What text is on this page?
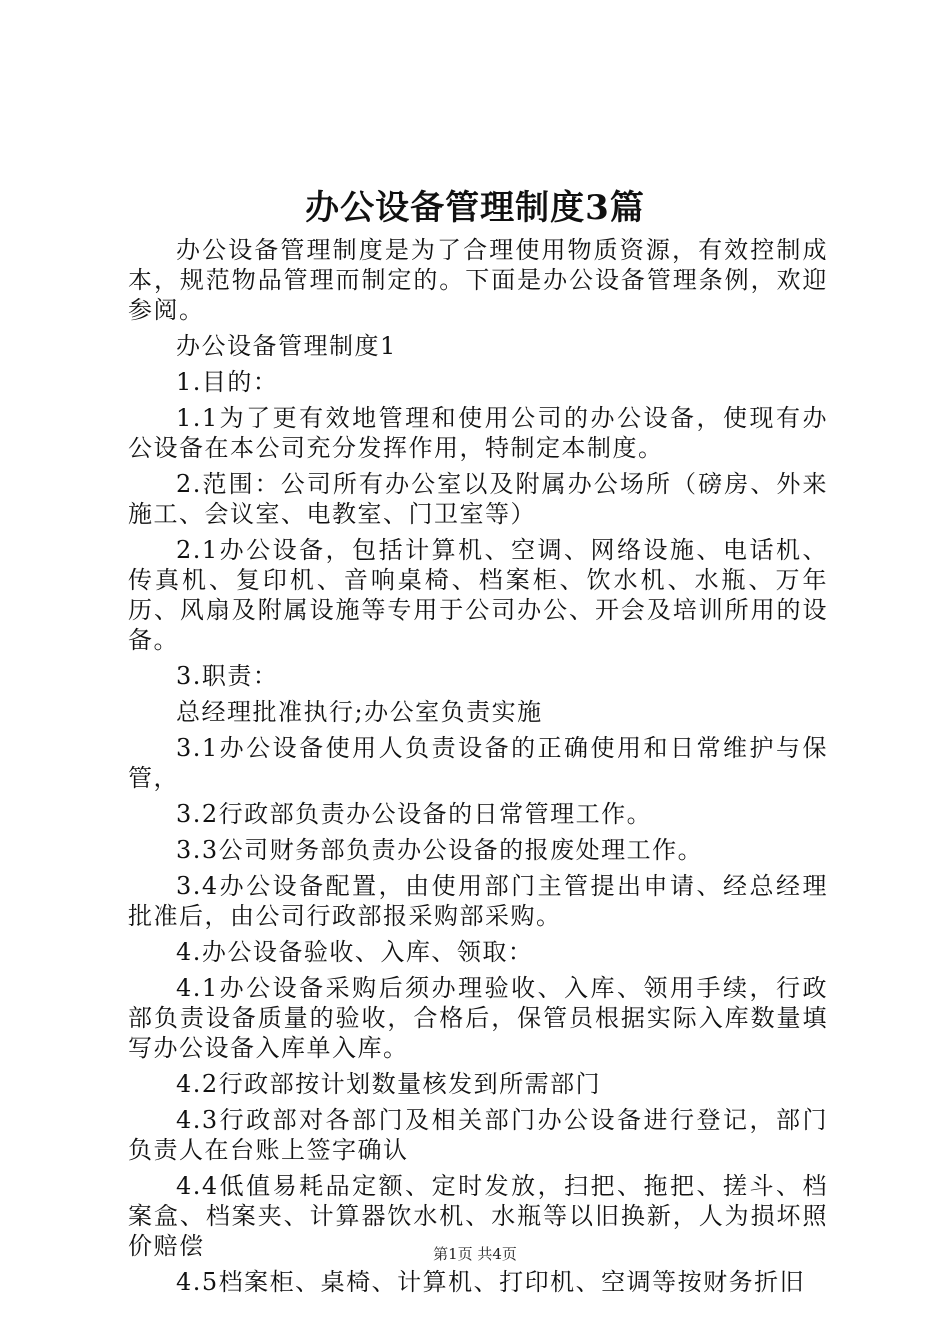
办公设备管理制度3篇

办公设备管理制度是为了合理使用物质资源，有效控制成本，规范物品管理而制定的。下面是办公设备管理条例，欢迎参阅。

办公设备管理制度1

1.目的：

1.1为了更有效地管理和使用公司的办公设备，使现有办公设备在本公司充分发挥作用，特制定本制度。

2.范围：公司所有办公室以及附属办公场所（磅房、外来施工、会议室、电教室、门卫室等）

2.1办公设备，包括计算机、空调、网络设施、电话机、传真机、复印机、音响桌椅、档案柜、饮水机、水瓶、万年历、风扇及附属设施等专用于公司办公、开会及培训所用的设备。

3.职责：

总经理批准执行;办公室负责实施

3.1办公设备使用人负责设备的正确使用和日常维护与保管，

3.2行政部负责办公设备的日常管理工作。

3.3公司财务部负责办公设备的报废处理工作。

3.4办公设备配置，由使用部门主管提出申请、经总经理批准后，由公司行政部报采购部采购。

4.办公设备验收、入库、领取：

4.1办公设备采购后须办理验收、入库、领用手续，行政部负责设备质量的验收，合格后，保管员根据实际入库数量填写办公设备入库单入库。

4.2行政部按计划数量核发到所需部门

4.3行政部对各部门及相关部门办公设备进行登记，部门负责人在台账上签字确认

4.4低值易耗品定额、定时发放，扫把、拖把、搓斗、档案盒、档案夹、计算器饮水机、水瓶等以旧换新，人为损坏照价赔偿

4.5档案柜、桌椅、计算机、打印机、空调等按财务折旧

第1页 共4页
